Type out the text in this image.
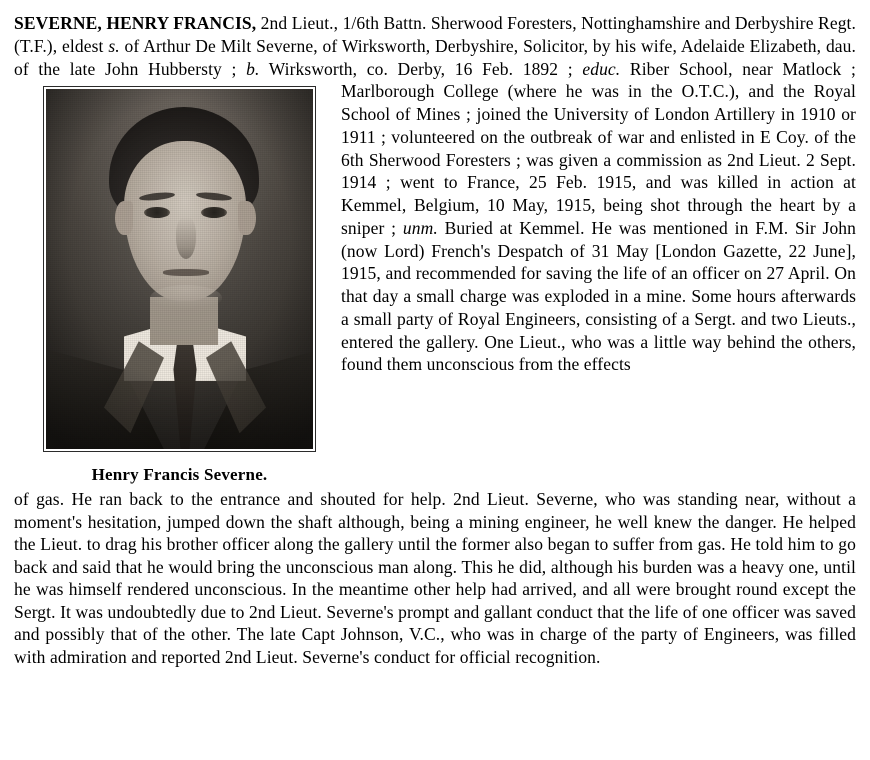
SEVERNE, HENRY FRANCIS, 2nd Lieut., 1/6th Battn. Sherwood Foresters, Nottinghamshire and Derbyshire Regt. (T.F.), eldest s. of Arthur De Milt Severne, of Wirksworth, Derbyshire, Solicitor, by his wife, Adelaide Elizabeth, dau. of the late John Hubbersty ; b. Wirksworth, co. Derby, 16 Feb. 1892 ; educ.
Henry Francis Severne.
Riber School, near Matlock ; Marlborough College (where he was in the O.T.C.), and the Royal School of Mines ; joined the University of London Artillery in 1910 or 1911 ; volunteered on the outbreak of war and enlisted in E Coy. of the 6th Sherwood Foresters ; was given a commission as 2nd Lieut. 2 Sept. 1914 ; went to France, 25 Feb. 1915, and was killed in action at Kemmel, Belgium, 10 May, 1915, being shot through the heart by a sniper ; unm. Buried at Kemmel. He was mentioned in F.M. Sir John (now Lord) French's Despatch of 31 May [London Gazette, 22 June], 1915, and recommended for saving the life of an officer on 27 April. On that day a small charge was exploded in a mine. Some hours afterwards a small party of Royal Engineers, consisting of a Sergt. and two Lieuts., entered the gallery. One Lieut., who was a little way behind the others, found them unconscious from the effects
of gas. He ran back to the entrance and shouted for help. 2nd Lieut. Severne, who was standing near, without a moment's hesitation, jumped down the shaft although, being a mining engineer, he well knew the danger. He helped the Lieut. to drag his brother officer along the gallery until the former also began to suffer from gas. He told him to go back and said that he would bring the unconscious man along. This he did, although his burden was a heavy one, until he was himself rendered unconscious. In the meantime other help had arrived, and all were brought round except the Sergt. It was undoubtedly due to 2nd Lieut. Severne's prompt and gallant conduct that the life of one officer was saved and possibly that of the other. The late Capt Johnson, V.C., who was in charge of the party of Engineers, was filled with admiration and reported 2nd Lieut. Severne's conduct for official recognition.
